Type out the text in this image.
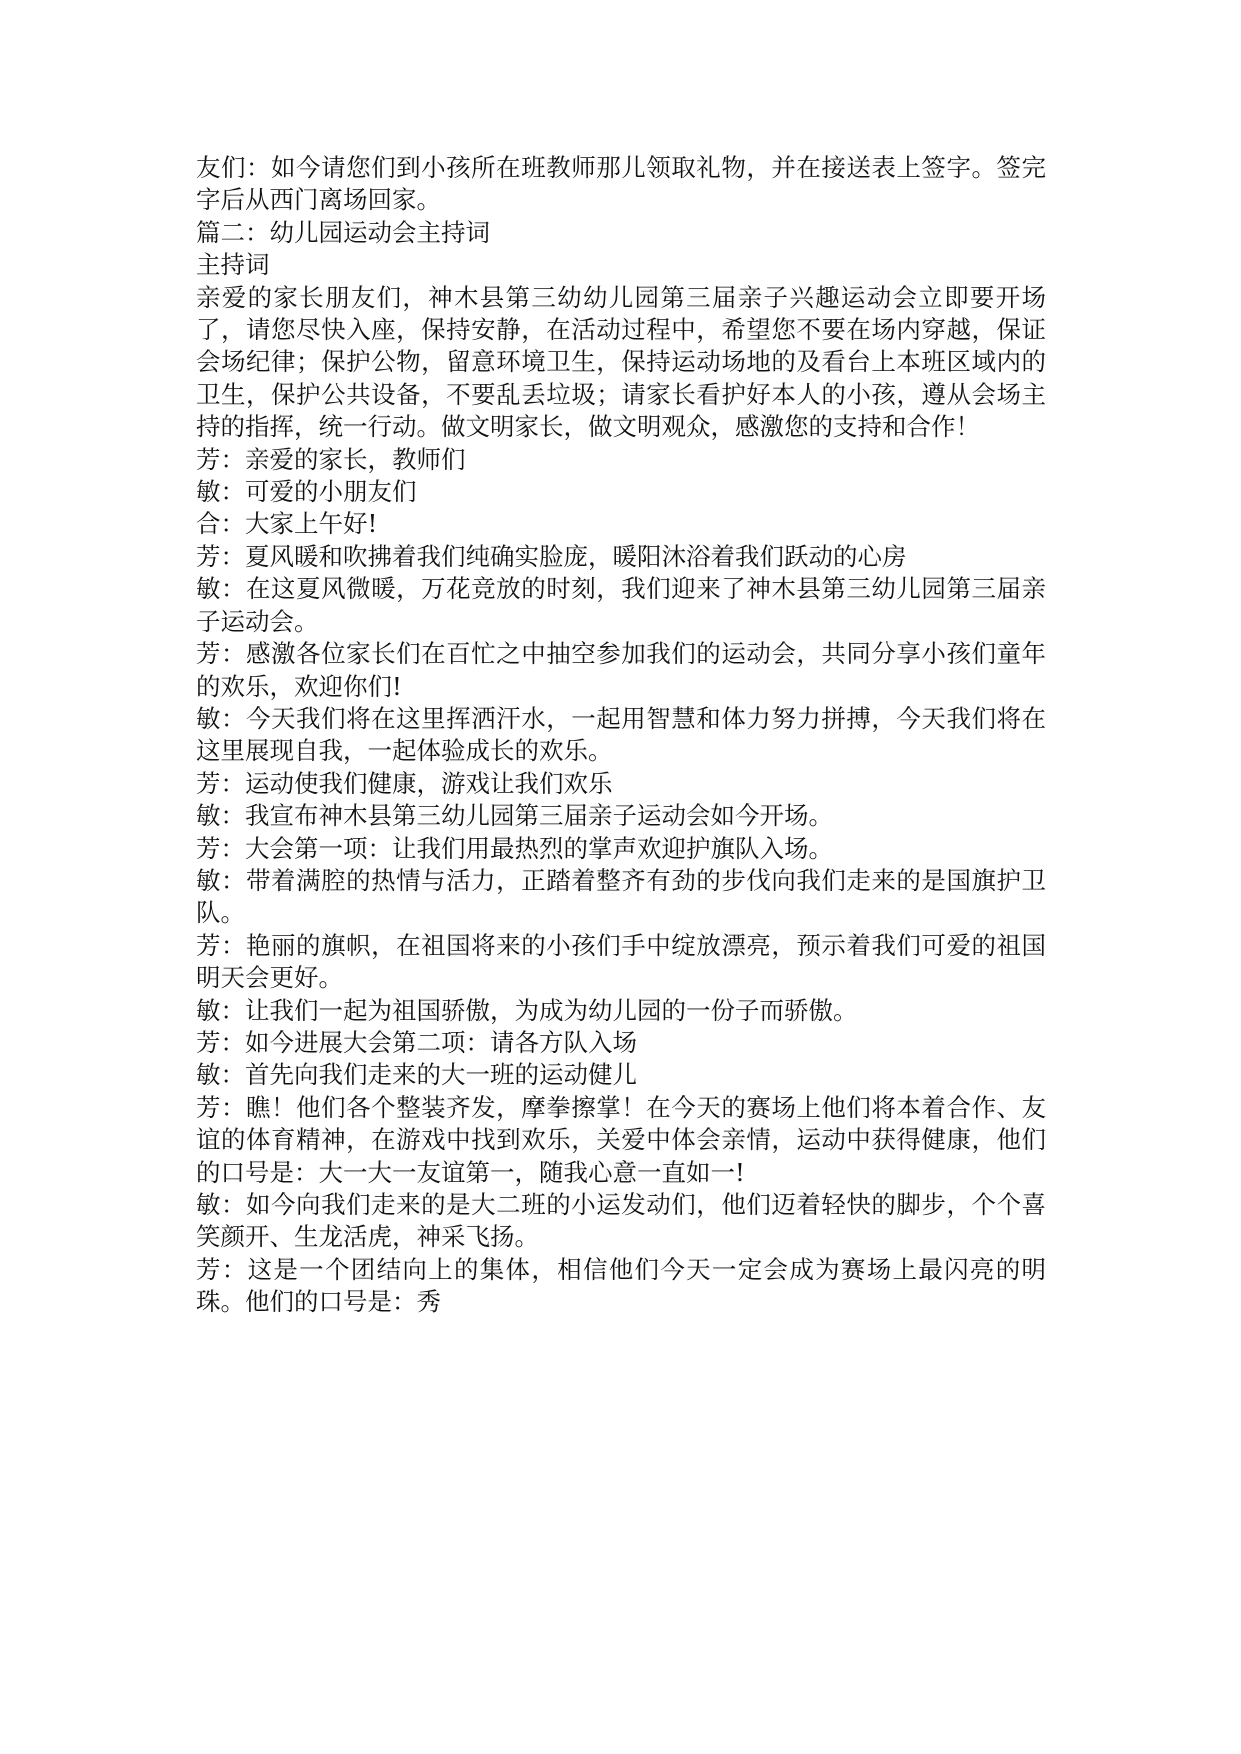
友们：如今请您们到小孩所在班教师那儿领取礼物，并在接送表上签字。签完字后从西门离场回家。

篇二：幼儿园运动会主持词

主持词

亲爱的家长朋友们，神木县第三幼幼儿园第三届亲子兴趣运动会立即要开场了，请您尽快入座，保持安静，在活动过程中，希望您不要在场内穿越，保证会场纪律；保护公物，留意环境卫生，保持运动场地的及看台上本班区域内的卫生，保护公共设备，不要乱丢垃圾；请家长看护好本人的小孩，遵从会场主持的指挥，统一行动。做文明家长，做文明观众，感激您的支持和合作！

芳：亲爱的家长，教师们

敏：可爱的小朋友们

合：大家上午好!

芳：夏风暖和吹拂着我们纯确实脸庞，暖阳沐浴着我们跃动的心房

敏：在这夏风微暖，万花竞放的时刻，我们迎来了神木县第三幼儿园第三届亲子运动会。

芳：感激各位家长们在百忙之中抽空参加我们的运动会，共同分享小孩们童年的欢乐，欢迎你们!

敏：今天我们将在这里挥洒汗水，一起用智慧和体力努力拼搏，今天我们将在这里展现自我，一起体验成长的欢乐。

芳：运动使我们健康，游戏让我们欢乐

敏：我宣布神木县第三幼儿园第三届亲子运动会如今开场。

芳：大会第一项：让我们用最热烈的掌声欢迎护旗队入场。

敏：带着满腔的热情与活力，正踏着整齐有劲的步伐向我们走来的是国旗护卫队。

芳：艳丽的旗帜，在祖国将来的小孩们手中绽放漂亮，预示着我们可爱的祖国明天会更好。

敏：让我们一起为祖国骄傲，为成为幼儿园的一份子而骄傲。

芳：如今进展大会第二项：请各方队入场

敏：首先向我们走来的大一班的运动健儿

芳：瞧！他们各个整装齐发，摩拳擦掌！在今天的赛场上他们将本着合作、友谊的体育精神，在游戏中找到欢乐，关爱中体会亲情，运动中获得健康，他们的口号是：大一大一友谊第一，随我心意一直如一!

敏：如今向我们走来的是大二班的小运发动们，他们迈着轻快的脚步，个个喜笑颜开、生龙活虎，神采飞扬。

芳：这是一个团结向上的集体，相信他们今天一定会成为赛场上最闪亮的明珠。他们的口号是：秀
